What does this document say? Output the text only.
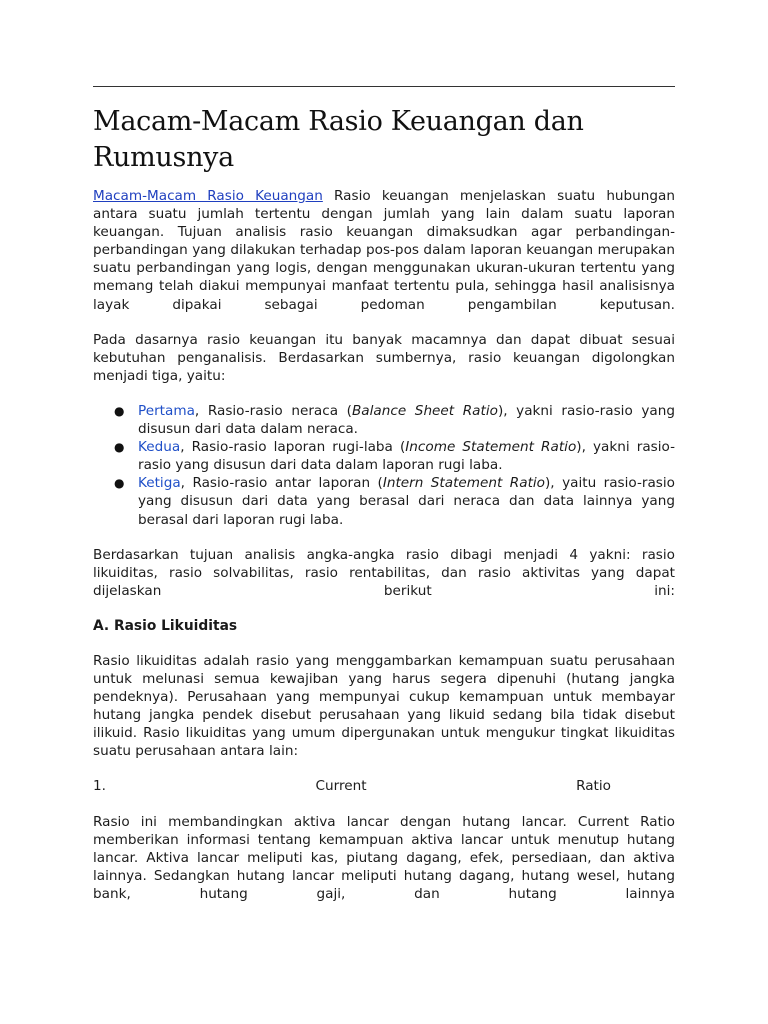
Macam-Macam Rasio Keuangan dan Rumusnya

Macam-Macam Rasio Keuangan Rasio keuangan menjelaskan suatu hubungan antara suatu jumlah tertentu dengan jumlah yang lain dalam suatu laporan keuangan. Tujuan analisis rasio keuangan dimaksudkan agar perbandingan-perbandingan yang dilakukan terhadap pos-pos dalam laporan keuangan merupakan suatu perbandingan yang logis, dengan menggunakan ukuran-ukuran tertentu yang memang telah diakui mempunyai manfaat tertentu pula, sehingga hasil analisisnya layak dipakai sebagai pedoman pengambilan keputusan.

Pada dasarnya rasio keuangan itu banyak macamnya dan dapat dibuat sesuai kebutuhan penganalisis. Berdasarkan sumbernya, rasio keuangan digolongkan menjadi tiga, yaitu:

● Pertama, Rasio-rasio neraca (Balance Sheet Ratio), yakni rasio-rasio yang disusun dari data dalam neraca.
● Kedua, Rasio-rasio laporan rugi-laba (Income Statement Ratio), yakni rasio-rasio yang disusun dari data dalam laporan rugi laba.
● Ketiga, Rasio-rasio antar laporan (Intern Statement Ratio), yaitu rasio-rasio yang disusun dari data yang berasal dari neraca dan data lainnya yang berasal dari laporan rugi laba.

Berdasarkan tujuan analisis angka-angka rasio dibagi menjadi 4 yakni: rasio likuiditas, rasio solvabilitas, rasio rentabilitas, dan rasio aktivitas yang dapat dijelaskan berikut ini:

A. Rasio Likuiditas

Rasio likuiditas adalah rasio yang menggambarkan kemampuan suatu perusahaan untuk melunasi semua kewajiban yang harus segera dipenuhi (hutang jangka pendeknya). Perusahaan yang mempunyai cukup kemampuan untuk membayar hutang jangka pendek disebut perusahaan yang likuid sedang bila tidak disebut ilikuid. Rasio likuiditas yang umum dipergunakan untuk mengukur tingkat likuiditas suatu perusahaan antara lain:

1.	Current	Ratio

Rasio ini membandingkan aktiva lancar dengan hutang lancar. Current Ratio memberikan informasi tentang kemampuan aktiva lancar untuk menutup hutang lancar. Aktiva lancar meliputi kas, piutang dagang, efek, persediaan, dan aktiva lainnya. Sedangkan hutang lancar meliputi hutang dagang, hutang wesel, hutang bank, hutang gaji, dan hutang lainnya
